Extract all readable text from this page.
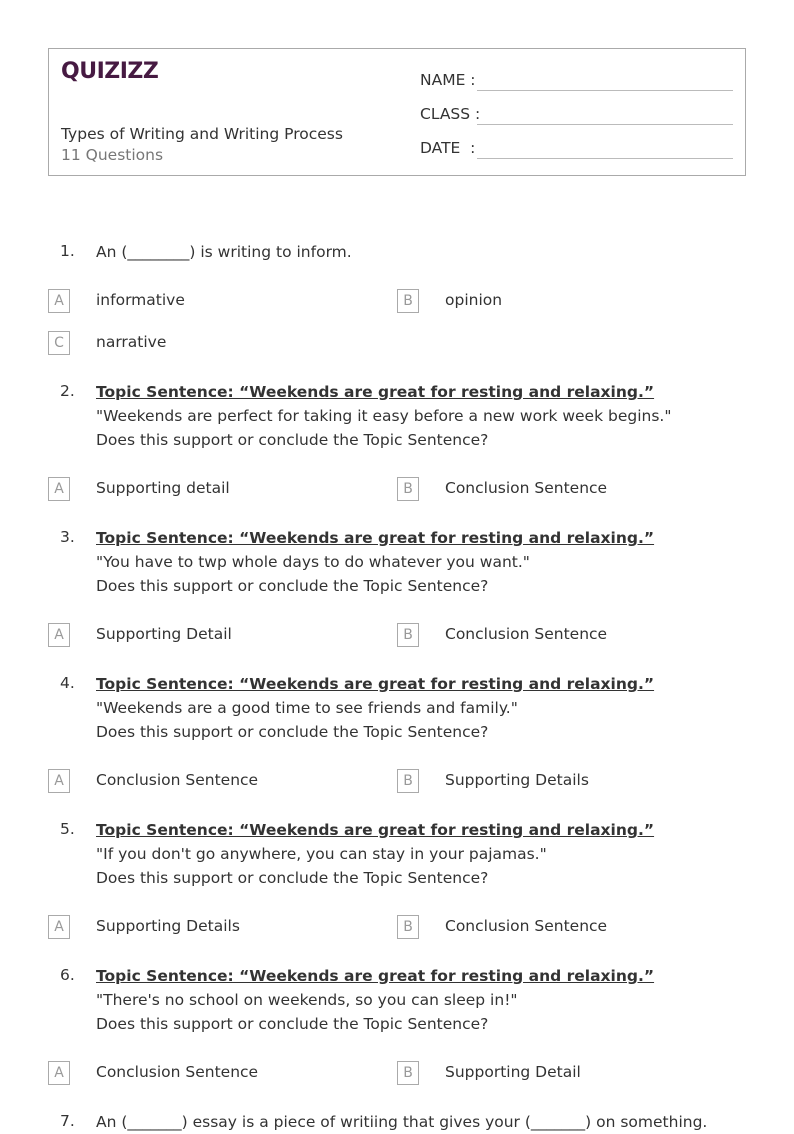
QUIZIZZ
Types of Writing and Writing Process
11 Questions
NAME :
CLASS :
DATE  :
1. An (________) is writing to inform.
A	informative	B	opinion
C	narrative
2. Topic Sentence: “Weekends are great for resting and relaxing.”
"Weekends are perfect for taking it easy before a new work week begins."
Does this support or conclude the Topic Sentence?
A	Supporting detail	B	Conclusion Sentence
3. Topic Sentence: “Weekends are great for resting and relaxing.”
"You have to twp whole days to do whatever you want."
Does this support or conclude the Topic Sentence?
A	Supporting Detail	B	Conclusion Sentence
4. Topic Sentence: “Weekends are great for resting and relaxing.”
"Weekends are a good time to see friends and family."
Does this support or conclude the Topic Sentence?
A	Conclusion Sentence	B	Supporting Details
5. Topic Sentence: “Weekends are great for resting and relaxing.”
"If you don't go anywhere, you can stay in your pajamas."
Does this support or conclude the Topic Sentence?
A	Supporting Details	B	Conclusion Sentence
6. Topic Sentence: “Weekends are great for resting and relaxing.”
"There's no school on weekends, so you can sleep in!"
Does this support or conclude the Topic Sentence?
A	Conclusion Sentence	B	Supporting Detail
7. An (_______) essay is a piece of writiing that gives your (_______) on something.
